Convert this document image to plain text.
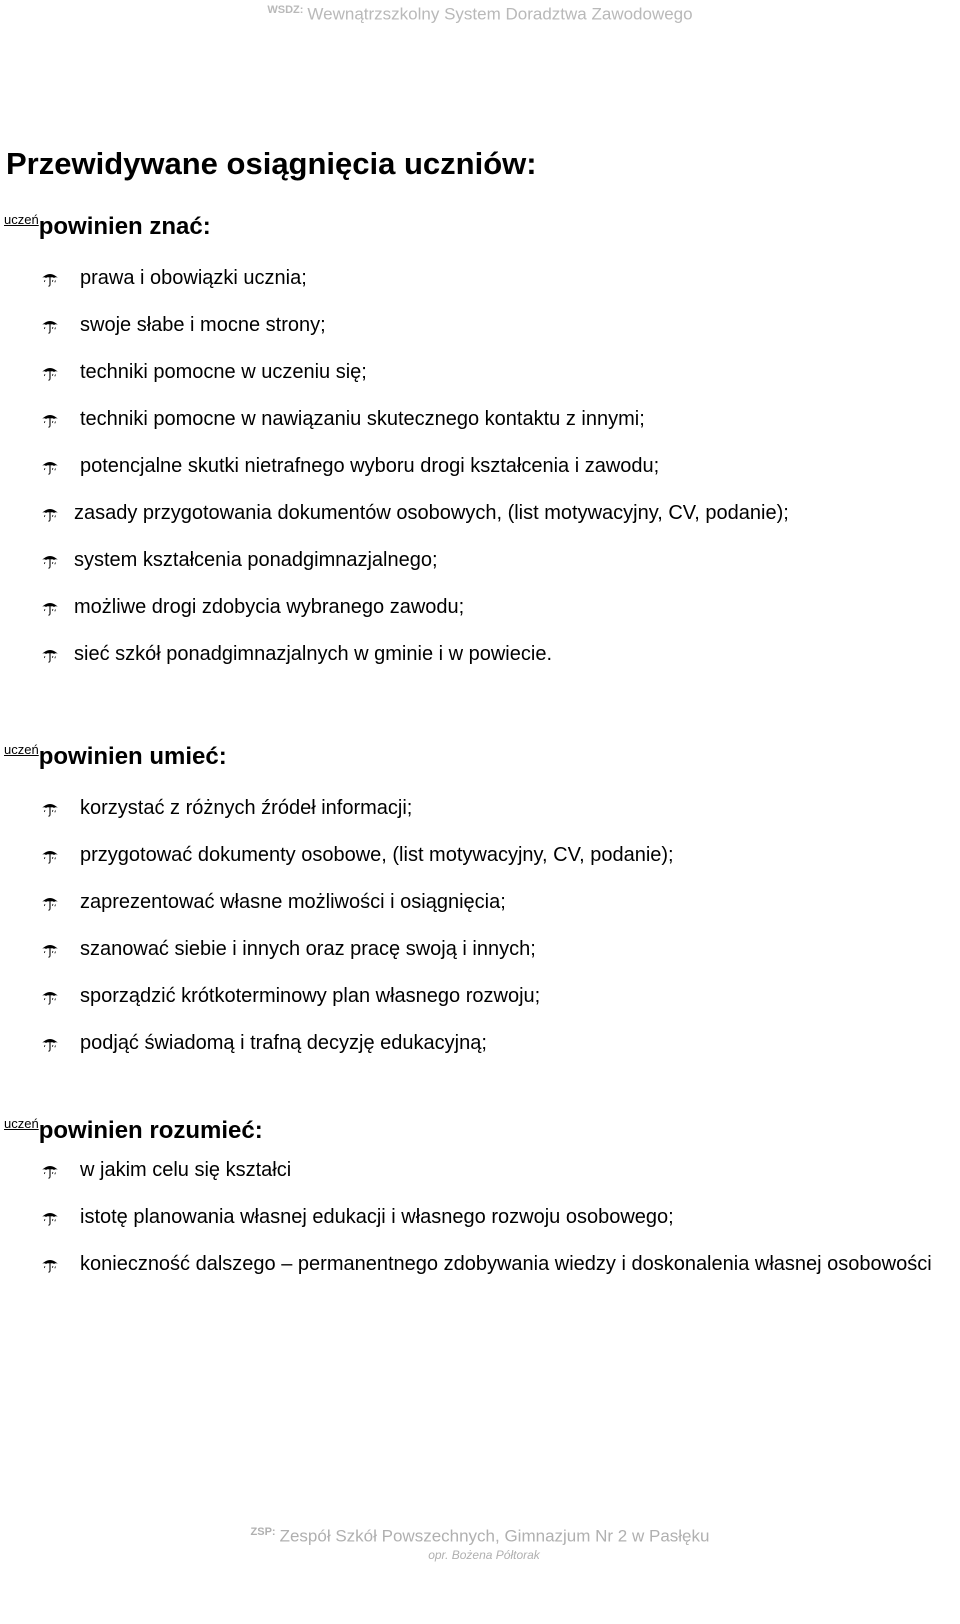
$^{WSDZ:}$ Wewnątrzszkolny System Doradztwa Zawodowego
Przewidywane osiągnięcia uczniów:
$^{uczeń}$powinien znać:
prawa i obowiązki ucznia;
swoje słabe i mocne strony;
techniki pomocne w uczeniu się;
techniki pomocne w nawiązaniu skutecznego kontaktu z innymi;
potencjalne skutki nietrafnego wyboru drogi kształcenia i zawodu;
zasady przygotowania dokumentów osobowych, (list motywacyjny, CV, podanie);
system kształcenia ponadgimnazjalnego;
możliwe drogi zdobycia wybranego zawodu;
sieć szkół ponadgimnazjalnych w gminie i w powiecie.
$^{uczeń}$powinien umieć:
korzystać z różnych źródeł informacji;
przygotować dokumenty osobowe, (list motywacyjny, CV, podanie);
zaprezentować własne możliwości i osiągnięcia;
szanować siebie i innych oraz pracę swoją i innych;
sporządzić krótkoterminowy plan własnego rozwoju;
podjąć świadomą i trafną decyzję edukacyjną;
$^{uczeń}$powinien rozumieć:
w jakim celu się kształci
istotę planowania własnej edukacji i własnego rozwoju osobowego;
konieczność dalszego – permanentnego zdobywania wiedzy i doskonalenia własnej osobowości
$^{ZSP:}$ Zespół Szkół Powszechnych, Gimnazjum Nr 2 w Pasłęku
opr. Bożena Półtorak
